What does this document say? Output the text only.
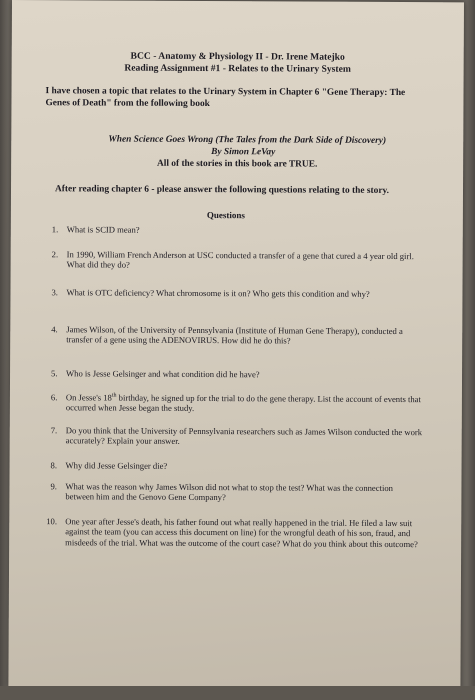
BCC - Anatomy & Physiology II - Dr. Irene Matejko
Reading Assignment #1 - Relates to the Urinary System
I have chosen a topic that relates to the Urinary System in Chapter 6 "Gene Therapy: The Genes of Death" from the following book
When Science Goes Wrong (The Tales from the Dark Side of Discovery)
By Simon LeVay
All of the stories in this book are TRUE.
After reading chapter 6 - please answer the following questions relating to the story.
Questions
1. What is SCID mean?
2. In 1990, William French Anderson at USC conducted a transfer of a gene that cured a 4 year old girl. What did they do?
3. What is OTC deficiency? What chromosome is it on? Who gets this condition and why?
4. James Wilson, of the University of Pennsylvania (Institute of Human Gene Therapy), conducted a transfer of a gene using the ADENOVIRUS. How did he do this?
5. Who is Jesse Gelsinger and what condition did he have?
6. On Jesse's 18th birthday, he signed up for the trial to do the gene therapy. List the account of events that occurred when Jesse began the study.
7. Do you think that the University of Pennsylvania researchers such as James Wilson conducted the work accurately? Explain your answer.
8. Why did Jesse Gelsinger die?
9. What was the reason why James Wilson did not what to stop the test? What was the connection between him and the Genovo Gene Company?
10. One year after Jesse's death, his father found out what really happened in the trial. He filed a law suit against the team (you can access this document on line) for the wrongful death of his son, fraud, and misdeeds of the trial. What was the outcome of the court case? What do you think about this outcome?
